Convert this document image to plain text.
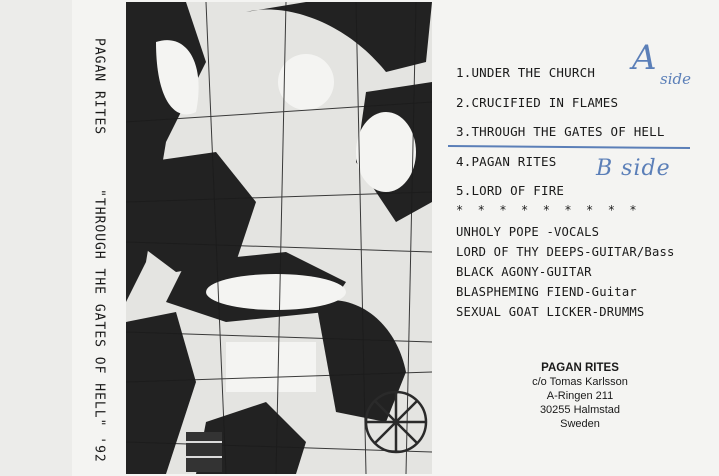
PAGAN RITES"THROUGH THE GATES OF HELL" '92
1.UNDER THE CHURCH
2.CRUCIFIED IN FLAMES
3.THROUGH THE GATES OF HELL
4.PAGAN RITES
5.LORD OF FIRE
A
side
B side
*  *  *  *  *  *  *  *  *
UNHOLY POPE -VOCALS
LORD OF THY DEEPS-GUITAR/Bass
BLACK AGONY-GUITAR
BLASPHEMING FIEND-Guitar
SEXUAL GOAT LICKER-DRUMMS
PAGAN RITES
c/o Tomas Karlsson
A-Ringen 211
30255 Halmstad
Sweden
